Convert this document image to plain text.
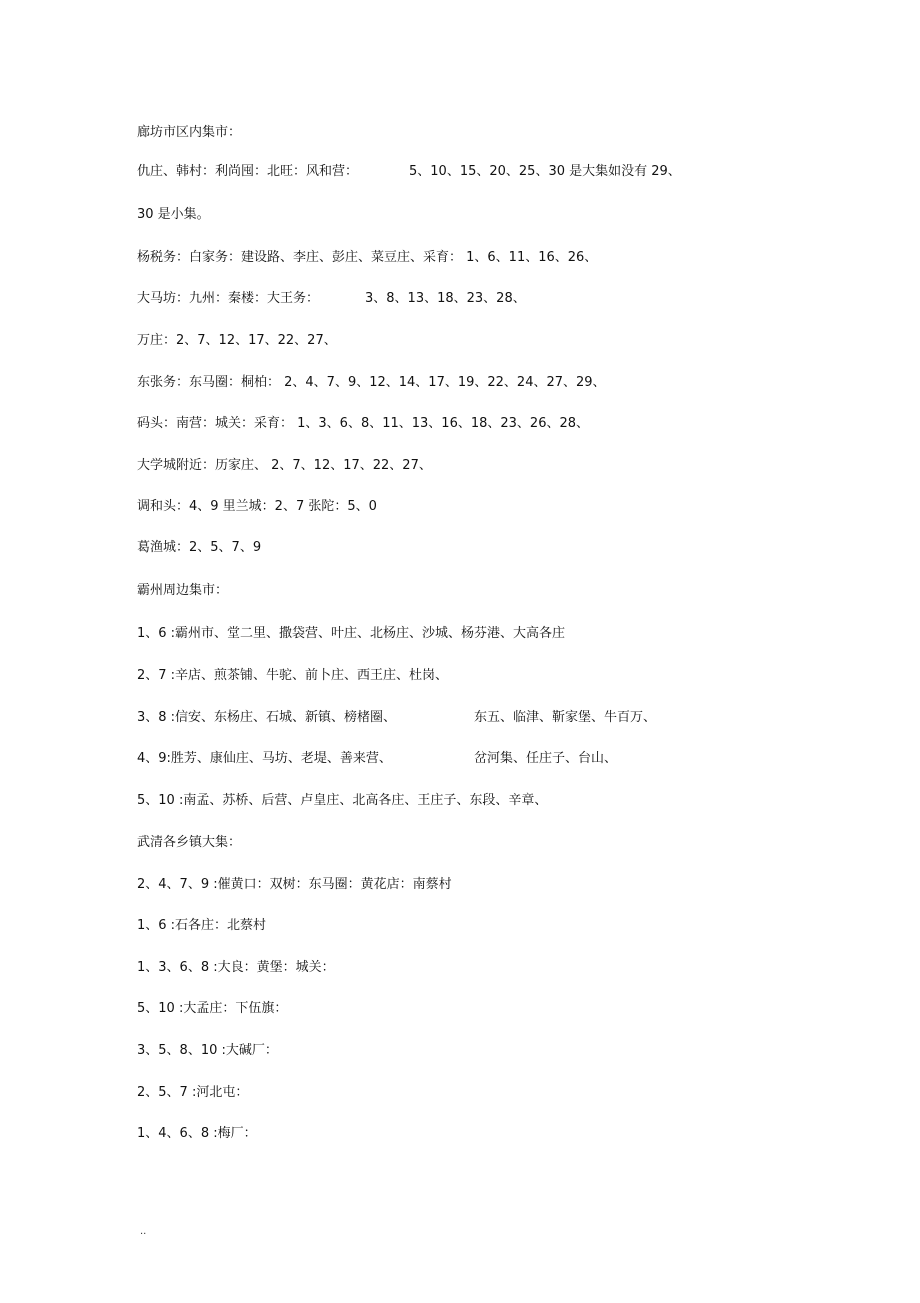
廊坊市区内集市：
仇庄、韩村：利尚囤：北旺：风和营：	5、10、15、20、25、30 是大集如没有 29、
30 是小集。
杨税务：白家务：建设路、李庄、彭庄、菜豆庄、采育： 1、6、11、16、26、
大马坊：九州：秦楼：大王务：	3、8、13、18、23、28、
万庄：2、7、12、17、22、27、
东张务：东马圈：桐柏： 2、4、7、9、12、14、17、19、22、24、27、29、
码头：南营：城关：采育： 1、3、6、8、11、13、16、18、23、26、28、
大学城附近：历家庄、 2、7、12、17、22、27、
调和头：4、9 里兰城：2、7 张陀：5、0
葛渔城：2、5、7、9
霸州周边集市：
1、6 :霸州市、堂二里、撒袋营、叶庄、北杨庄、沙城、杨芬港、大高各庄
2、7 :辛店、煎茶铺、牛驼、前卜庄、西王庄、杜岗、
3、8 :信安、东杨庄、石城、新镇、榜楮圈、	东五、临津、靳家堡、牛百万、
4、9:胜芳、康仙庄、马坊、老堤、善来营、	岔河集、任庄子、台山、
5、10 :南孟、苏桥、后营、卢皇庄、北高各庄、王庄子、东段、辛章、
武清各乡镇大集：
2、4、7、9 :催黄口：双树：东马圈：黄花店：南蔡村
1、6 :石各庄：北蔡村
1、3、6、8 :大良：黄堡：城关：
5、10 :大孟庄：下伍旗：
3、5、8、10 :大碱厂：
2、5、7 :河北屯：
1、4、6、8 :梅厂：
..
